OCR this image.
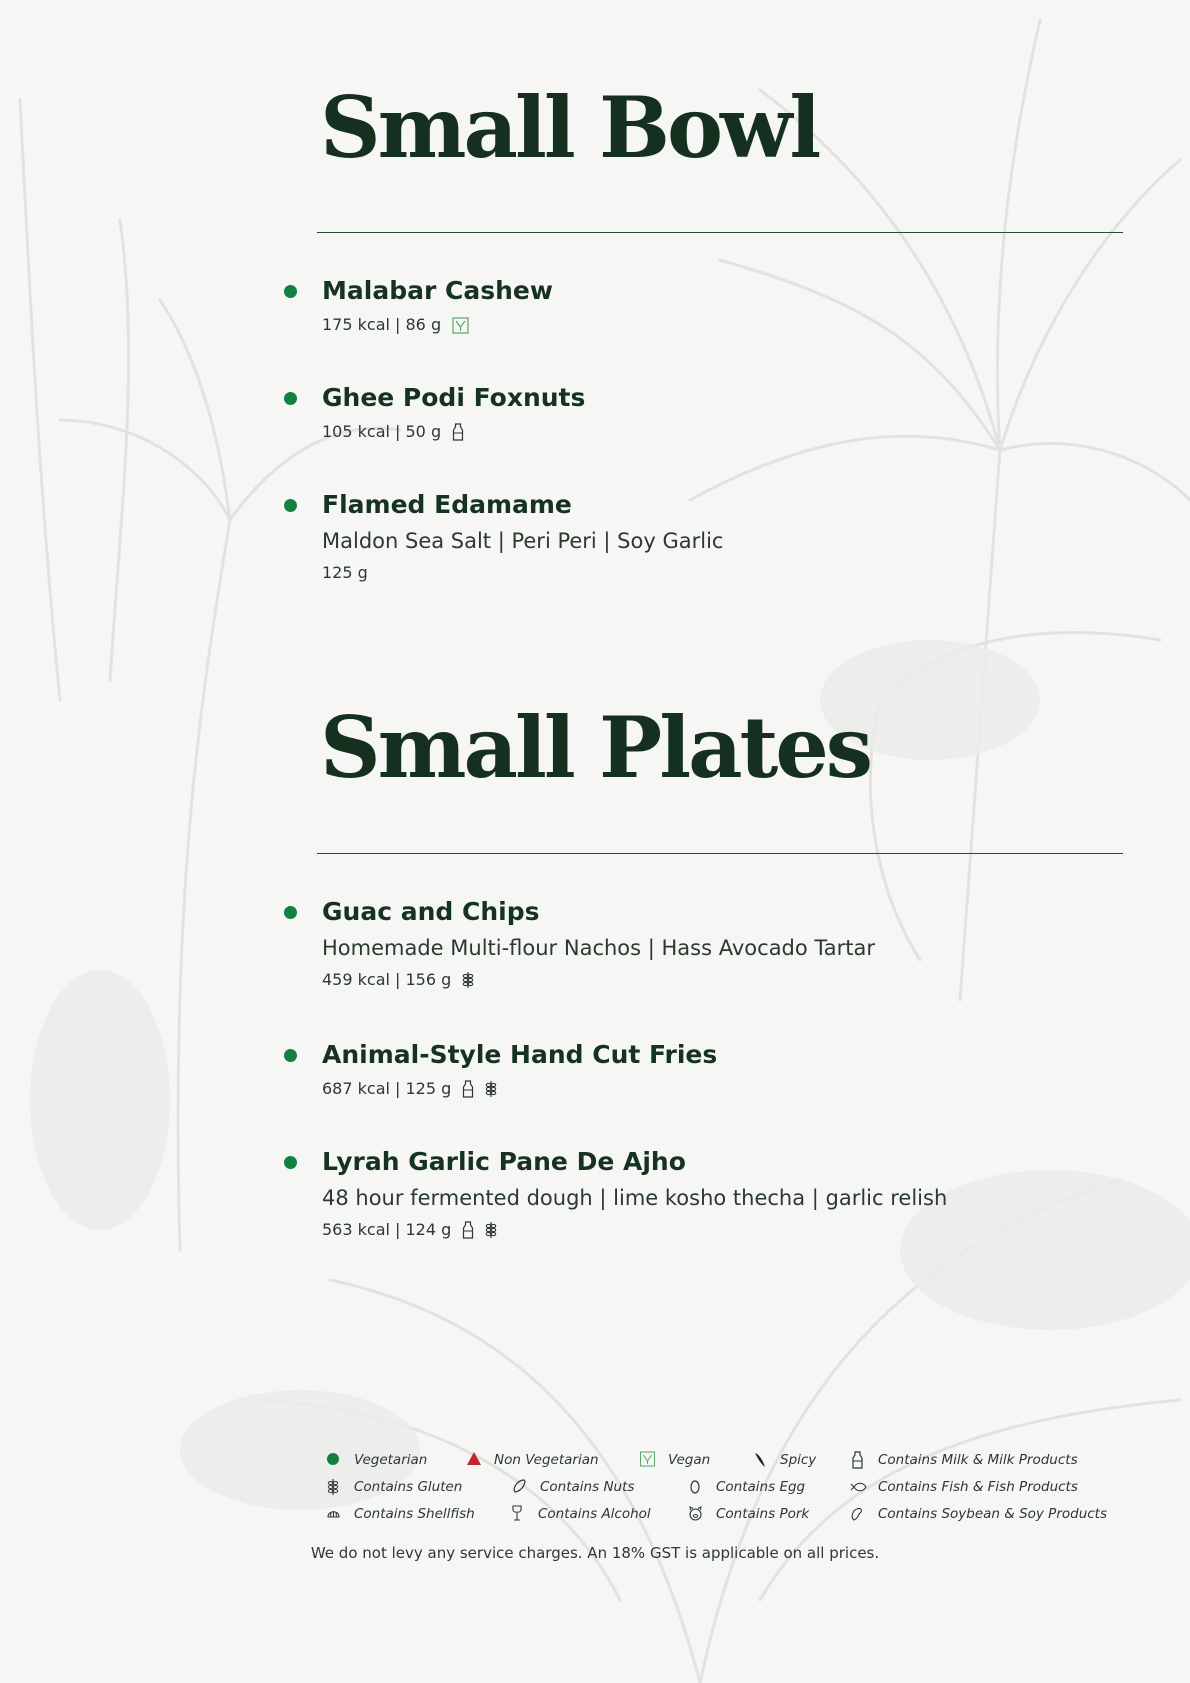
Small Bowl
Malabar Cashew
175 kcal | 86 g
Ghee Podi Foxnuts
105 kcal | 50 g
Flamed Edamame
Maldon Sea Salt | Peri Peri | Soy Garlic
125 g
Small Plates
Guac and Chips
Homemade Multi-flour Nachos | Hass Avocado Tartar
459 kcal | 156 g
Animal-Style Hand Cut Fries
687 kcal | 125 g
Lyrah Garlic Pane De Ajho
48 hour fermented dough | lime kosho thecha | garlic relish
563 kcal | 124 g
Vegetarian	Non Vegetarian	Vegan	Spicy	Contains Milk & Milk Products
Contains Gluten	Contains Nuts	Contains Egg	Contains Fish & Fish Products
Contains Shellfish	Contains Alcohol	Contains Pork	Contains Soybean & Soy Products
We do not levy any service charges. An 18% GST is applicable on all prices.
